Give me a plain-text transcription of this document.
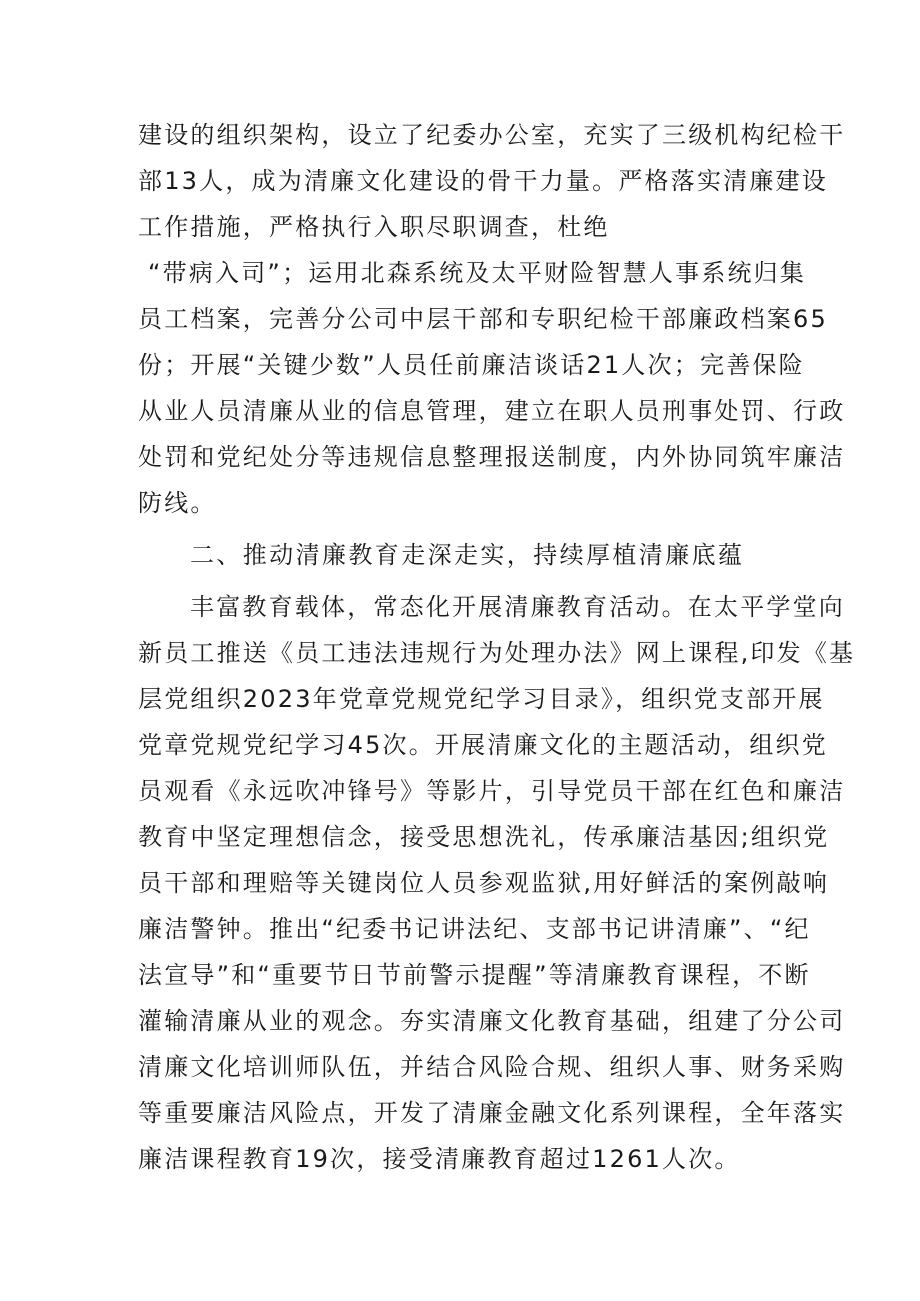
建设的组织架构，设立了纪委办公室，充实了三级机构纪检干
部13人，成为清廉文化建设的骨干力量。严格落实清廉建设
工作措施，严格执行入职尽职调查，杜绝
“带病入司”；运用北森系统及太平财险智慧人事系统归集
员工档案，完善分公司中层干部和专职纪检干部廉政档案65
份；开展“关键少数”人员任前廉洁谈话21人次；完善保险
从业人员清廉从业的信息管理，建立在职人员刑事处罚、行政
处罚和党纪处分等违规信息整理报送制度，内外协同筑牢廉洁
防线。
二、推动清廉教育走深走实，持续厚植清廉底蕴
丰富教育载体，常态化开展清廉教育活动。在太平学堂向
新员工推送《员工违法违规行为处理办法》网上课程,印发《基
层党组织2023年党章党规党纪学习目录》，组织党支部开展
党章党规党纪学习45次。开展清廉文化的主题活动，组织党
员观看《永远吹冲锋号》等影片，引导党员干部在红色和廉洁
教育中坚定理想信念，接受思想洗礼，传承廉洁基因;组织党
员干部和理赔等关键岗位人员参观监狱,用好鲜活的案例敲响
廉洁警钟。推出“纪委书记讲法纪、支部书记讲清廉”、“纪
法宣导”和“重要节日节前警示提醒”等清廉教育课程，不断
灌输清廉从业的观念。夯实清廉文化教育基础，组建了分公司
清廉文化培训师队伍，并结合风险合规、组织人事、财务采购
等重要廉洁风险点，开发了清廉金融文化系列课程，全年落实
廉洁课程教育19次，接受清廉教育超过1261人次。
